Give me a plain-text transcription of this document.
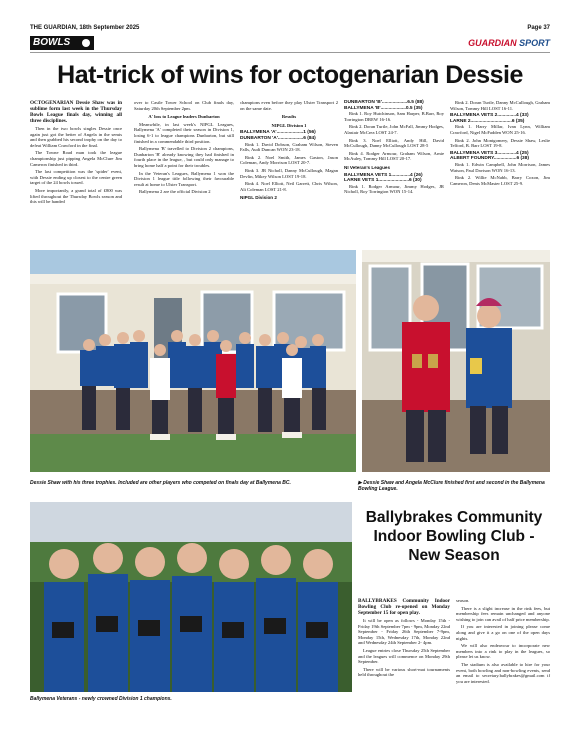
THE GUARDIAN, 18th September 2025	Page 37
BOWLS	GUARDIAN SPORT
Hat-trick of wins for octogenarian Dessie

OCTOGENARIAN Dessie Shaw was in sublime form last week in the Thursday Bowls League finals day, winning all three disciplines.

Then in the two bowls singles Dessie once again just got the better of Angela in the semis and then grabbed his second trophy on the day to defeat William Crawford in the final.

The Towne Road man took the league championship just pipping Angela McClure Jim Cameron finished in third.

The last competition was the 'spider' event, with Dessie ending up closest to the centre green target of the 24 bowls tossed.

More importantly, a grand total of £800 was lifted throughout the Thursday Bowls season and this will be handed

over to Castle Tower School on Club finals day, Saturday 20th September 2pm.

A' loss to League leaders Dunbarton

Meanwhile, in last week's NIPGL Leagues, Ballymena 'A' completed their season in Division 1, losing 6-1 to league champions Dunbarton, but still finished in a commendable third position.

Ballymena 'B' travelled to Division 2 champions, Dunbarton 'B' already knowing they had finished in fourth place in the league, , but could only manage to bring home half a point for their troubles.

In the Veteran's Leagues, Ballymena 1 won the Division 1 league title following their favourable result at home to Ulster Transport.

Ballymena 2 are the official Division 2

champions even before they play Ulster Transport 2 on the same date.

Results

NIPGL Division 1

BALLYMENA 'A'....................1 (56)

DUNBARTON 'A'...................6 (84)

Rink 1. David Dobson, Graham Wilson, Steven Falls, Audi Duncan WON 23-18.

Rink 2. Noel Smith, James Gaston, Jason Coleman, Andy Morrison LOST 20-7.

Rink 3. JR Nicholl, Danny McCullough, Magan Devlin, Mikey Wilson LOST 19-18.

Rink 4. Noel Elliott, Neil Garrett, Chris Wilson, Ali Coleman LOST 21-8.

NIPGL Division 2

DUNBARTON 'B'...................6.5 (88)

BALLYMENA 'B'...................0.5 (35)

Rink 1. Roy Hutchinson, Sam Harper, B.Barr, Roy Torrington DREW 16-16.

Rink 2. Doran Turtle, John McFall, Jimmy Hodges, Alastair McCrea LOST 24-7.

Rink 3. Noel Elliott, Andy Hill, David McCullough, Danny McCullough LOST 28-5

Rink 4. Rodger Armour, Graham Wilson, Arnie McAuley, Tommy Hill LOST 20-17.

NI Veteran's Leagues

BALLYMENA VETS 1..............4 (26)

LARNE VETS 1.......................6 (30)

Rink 1. Rodger Armour, Jimmy Hodges, JR Nicholl, Roy Torrington WON 15-14.

Rink 2. Doran Turtle, Danny McCullough, Graham Wilson, Tommy Hill LOST 16-11.

BALLYMENA VETS 2..............4 (33)

LARNE 2...............................6 (35)

Rink 1. Harry Millar, Ivan Lynn, William Crawford, Nigel McFadden WON 25-16.

Rink 2. John Montgomery, Dessie Shaw, Leslie Telford, B. Barr LOST 19-8.

BALLYMENA VETS 3..............4 (25)

ALBERT FOUNDRY.................6 (38)

Rink 1. Edwin Campbell, John Morrison, James Watson, Paul Davison WON 16-13.

Rink 2. Willie McNabb, Barry Coxon, Jim Cameron, Denis McMaster LOST 25-9.

Dessie Shaw with his three trophies. Included are other players who competed on finals day at Ballymena BC.	▶ Dessie Shaw and Angela McClure finished first and second in the Ballymena Bowling League.
Ballymena Veterans - newly crowned Division 1 champions.
Ballybrakes Community Indoor Bowling Club - New Season

BALLYBRAKES Community Indoor Bowling Club re-opened on Monday September 15 for open play.

It will be open as follows - Monday 15th - Friday 19th September 7pm - 9pm, Monday 22nd September - Friday 26th September 7-9pm, Monday 15th, Wednesday 17th, Monday 22nd and Wednesday 24th September 2- 4pm.

League entries close Thursday 25th September and the leagues will commence on Monday 29th September.

There will be various short-mat tournaments held throughout the

season.

There is a slight increase in the rink fees, but membership fees remain unchanged and anyone wishing to join can avail of half price membership.

If you are interested in joining please come along and give it a go on one of the open days nights.

We will also endeavour to incorporate new members into a rink to play in the leagues, so please let us know.

The stadium is also available to hire for your event, both bowling and non-bowling events, send an email to secretary.ballybrakes@gmail.com if you are interested.
